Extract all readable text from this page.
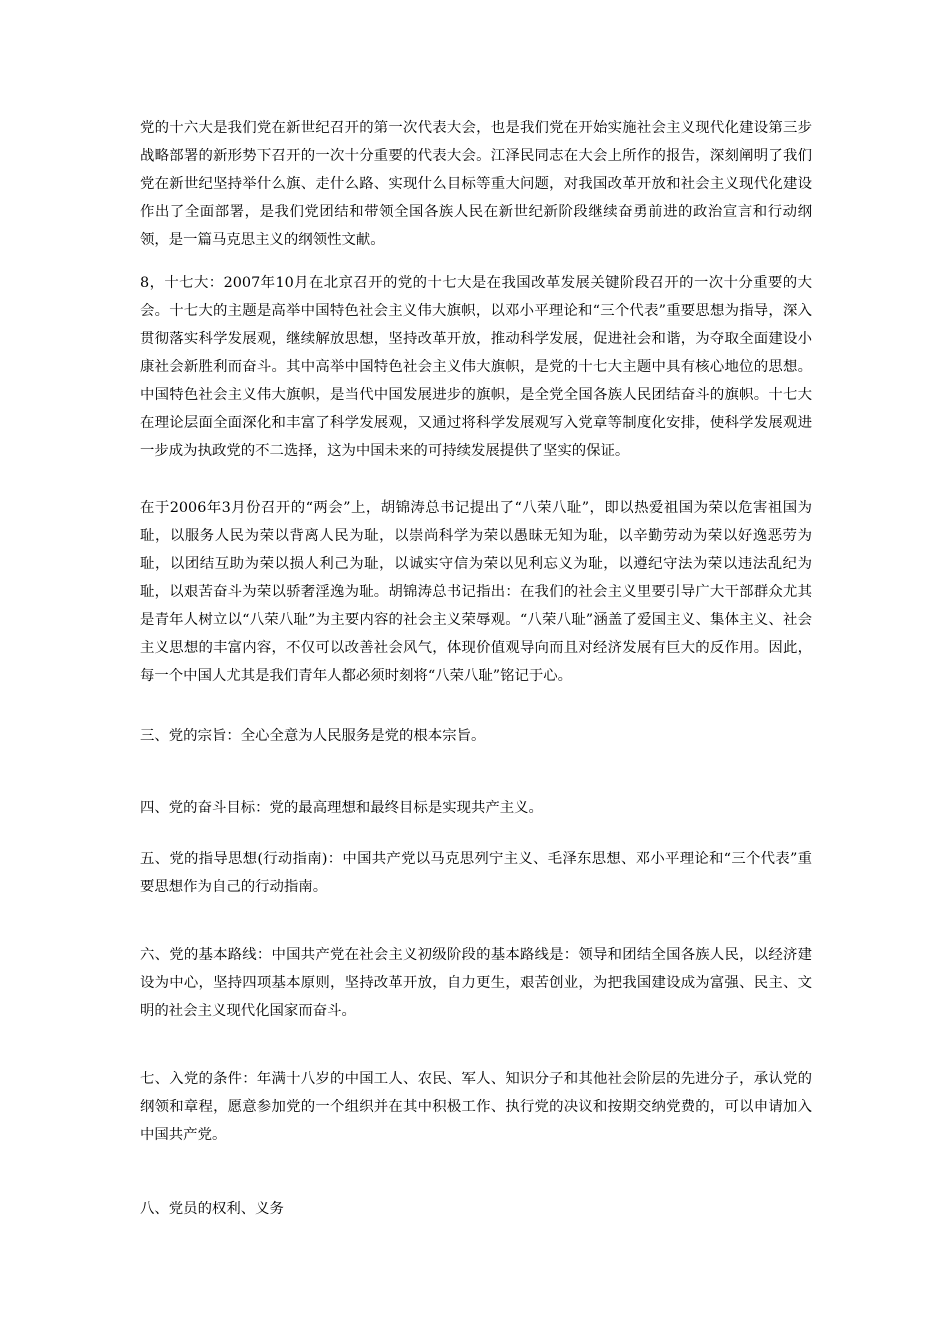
党的十六大是我们党在新世纪召开的第一次代表大会，也是我们党在开始实施社会主义现代化建设第三步战略部署的新形势下召开的一次十分重要的代表大会。江泽民同志在大会上所作的报告，深刻阐明了我们党在新世纪坚持举什么旗、走什么路、实现什么目标等重大问题，对我国改革开放和社会主义现代化建设作出了全面部署，是我们党团结和带领全国各族人民在新世纪新阶段继续奋勇前进的政治宣言和行动纲领，是一篇马克思主义的纲领性文献。

8，十七大：2007年10月在北京召开的党的十七大是在我国改革发展关键阶段召开的一次十分重要的大会。十七大的主题是高举中国特色社会主义伟大旗帜，以邓小平理论和“三个代表”重要思想为指导，深入贯彻落实科学发展观，继续解放思想，坚持改革开放，推动科学发展，促进社会和谐，为夺取全面建设小康社会新胜利而奋斗。其中高举中国特色社会主义伟大旗帜，是党的十七大主题中具有核心地位的思想。中国特色社会主义伟大旗帜，是当代中国发展进步的旗帜，是全党全国各族人民团结奋斗的旗帜。十七大在理论层面全面深化和丰富了科学发展观，又通过将科学发展观写入党章等制度化安排，使科学发展观进一步成为执政党的不二选择，这为中国未来的可持续发展提供了坚实的保证。

在于2006年3月份召开的“两会”上，胡锦涛总书记提出了“八荣八耻”，即以热爱祖国为荣以危害祖国为耻，以服务人民为荣以背离人民为耻，以崇尚科学为荣以愚昧无知为耻，以辛勤劳动为荣以好逸恶劳为耻，以团结互助为荣以损人利己为耻，以诚实守信为荣以见利忘义为耻，以遵纪守法为荣以违法乱纪为耻，以艰苦奋斗为荣以骄奢淫逸为耻。胡锦涛总书记指出：在我们的社会主义里要引导广大干部群众尤其是青年人树立以“八荣八耻”为主要内容的社会主义荣辱观。“八荣八耻”涵盖了爱国主义、集体主义、社会主义思想的丰富内容，不仅可以改善社会风气，体现价值观导向而且对经济发展有巨大的反作用。因此，每一个中国人尤其是我们青年人都必须时刻将“八荣八耻”铭记于心。

三、党的宗旨：全心全意为人民服务是党的根本宗旨。

四、党的奋斗目标：党的最高理想和最终目标是实现共产主义。

五、党的指导思想(行动指南)：中国共产党以马克思列宁主义、毛泽东思想、邓小平理论和“三个代表”重要思想作为自己的行动指南。

六、党的基本路线：中国共产党在社会主义初级阶段的基本路线是：领导和团结全国各族人民，以经济建设为中心，坚持四项基本原则，坚持改革开放，自力更生，艰苦创业，为把我国建设成为富强、民主、文明的社会主义现代化国家而奋斗。

七、入党的条件：年满十八岁的中国工人、农民、军人、知识分子和其他社会阶层的先进分子，承认党的纲领和章程，愿意参加党的一个组织并在其中积极工作、执行党的决议和按期交纳党费的，可以申请加入中国共产党。

八、党员的权利、义务
